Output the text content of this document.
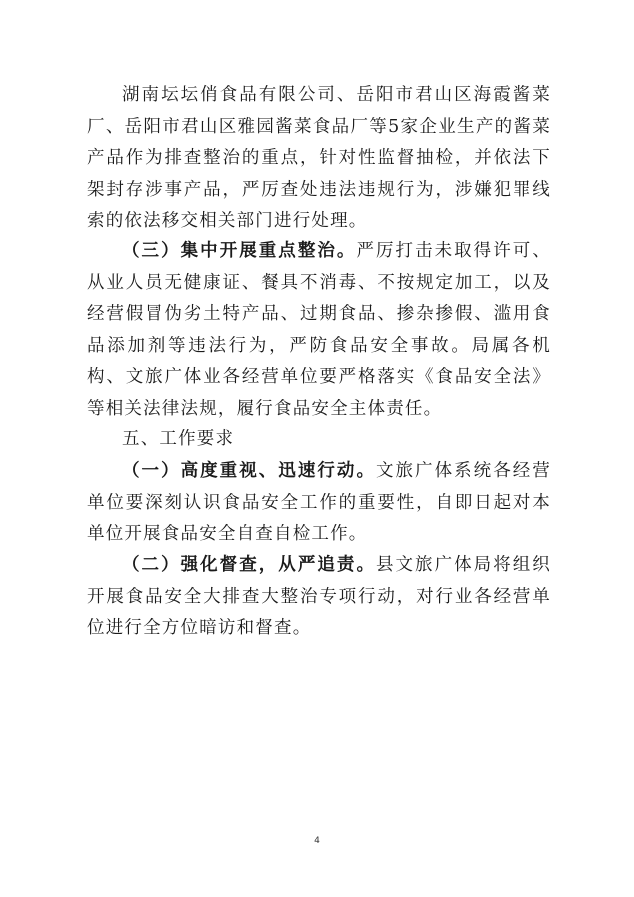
湖南坛坛俏食品有限公司、岳阳市君山区海霞酱菜厂、岳阳市君山区雅园酱菜食品厂等5家企业生产的酱菜产品作为排查整治的重点，针对性监督抽检，并依法下架封存涉事产品，严厉查处违法违规行为，涉嫌犯罪线索的依法移交相关部门进行处理。

（三）集中开展重点整治。严厉打击未取得许可、从业人员无健康证、餐具不消毒、不按规定加工，以及经营假冒伪劣土特产品、过期食品、掺杂掺假、滥用食品添加剂等违法行为，严防食品安全事故。局属各机构、文旅广体业各经营单位要严格落实《食品安全法》等相关法律法规，履行食品安全主体责任。

五、工作要求

（一）高度重视、迅速行动。文旅广体系统各经营单位要深刻认识食品安全工作的重要性，自即日起对本单位开展食品安全自查自检工作。

（二）强化督查，从严追责。县文旅广体局将组织开展食品安全大排查大整治专项行动，对行业各经营单位进行全方位暗访和督查。

4
